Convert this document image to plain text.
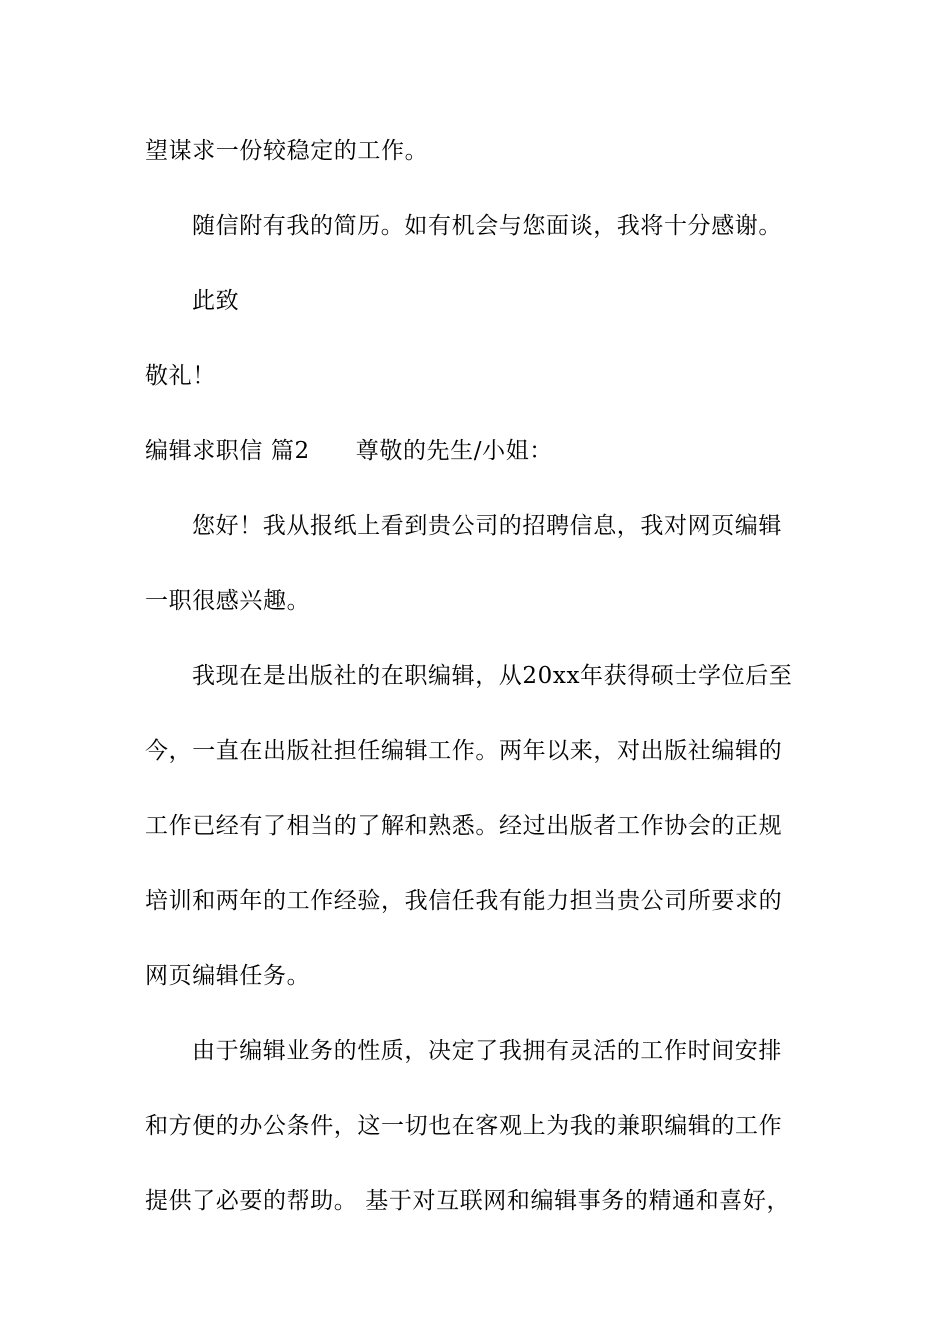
望谋求一份较稳定的工作。
随信附有我的简历。如有机会与您面谈，我将十分感谢。
此致
敬礼！
编辑求职信 篇2 尊敬的先生/小姐：
您好！我从报纸上看到贵公司的招聘信息，我对网页编辑
一职很感兴趣。
我现在是出版社的在职编辑，从20xx年获得硕士学位后至
今，一直在出版社担任编辑工作。两年以来，对出版社编辑的
工作已经有了相当的了解和熟悉。经过出版者工作协会的正规
培训和两年的工作经验，我信任我有能力担当贵公司所要求的
网页编辑任务。
由于编辑业务的性质，决定了我拥有灵活的工作时间安排
和方便的办公条件，这一切也在客观上为我的兼职编辑的工作
提供了必要的帮助。 基于对互联网和编辑事务的精通和喜好，
